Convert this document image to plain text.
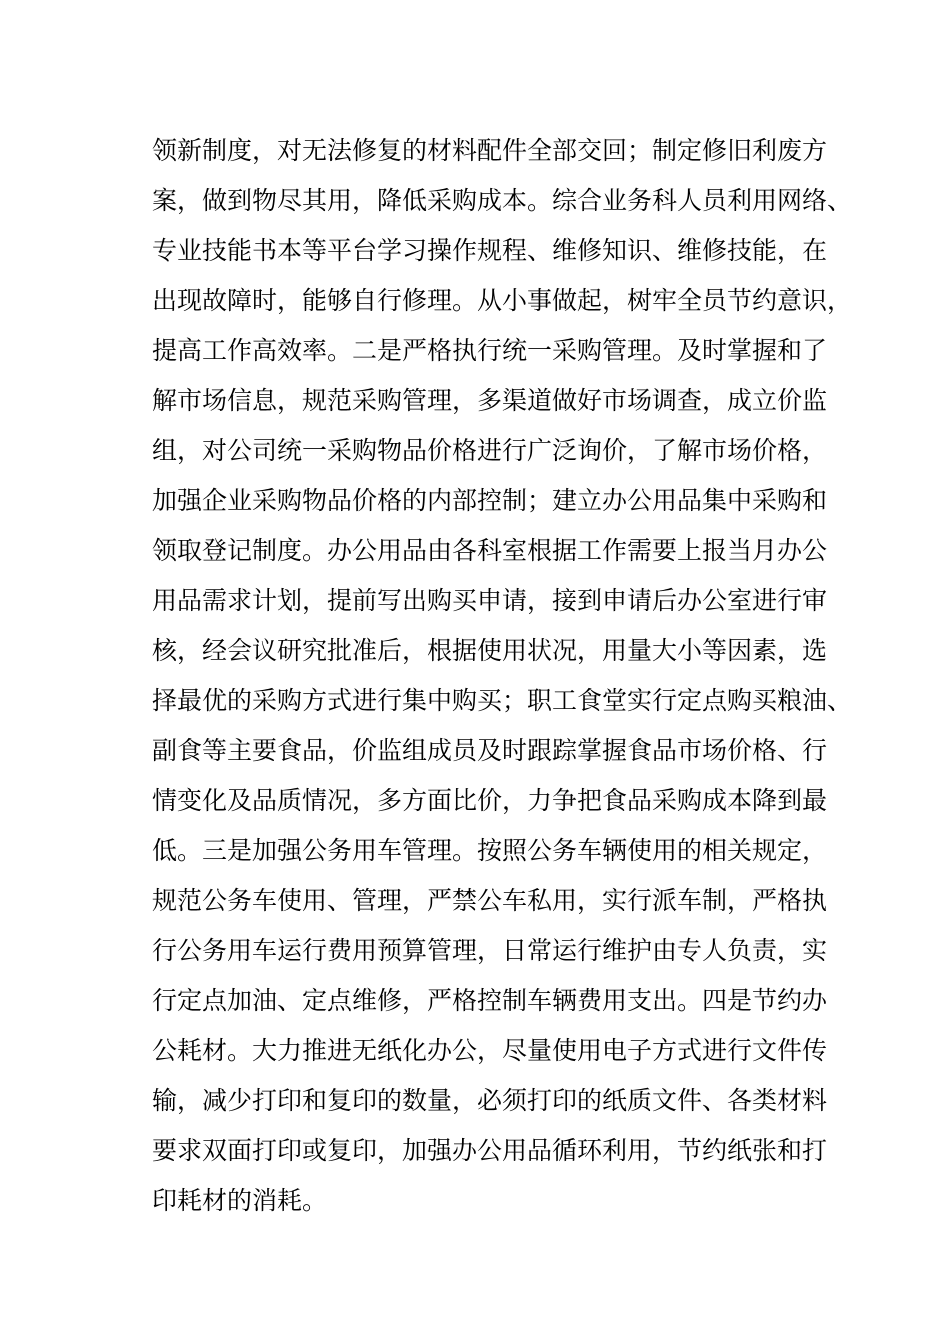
领新制度，对无法修复的材料配件全部交回；制定修旧利废方
案，做到物尽其用，降低采购成本。综合业务科人员利用网络、
专业技能书本等平台学习操作规程、维修知识、维修技能，在
出现故障时，能够自行修理。从小事做起，树牢全员节约意识，
提高工作高效率。二是严格执行统一采购管理。及时掌握和了
解市场信息，规范采购管理，多渠道做好市场调查，成立价监
组，对公司统一采购物品价格进行广泛询价，了解市场价格，
加强企业采购物品价格的内部控制；建立办公用品集中采购和
领取登记制度。办公用品由各科室根据工作需要上报当月办公
用品需求计划，提前写出购买申请，接到申请后办公室进行审
核，经会议研究批准后，根据使用状况，用量大小等因素，选
择最优的采购方式进行集中购买；职工食堂实行定点购买粮油、
副食等主要食品，价监组成员及时跟踪掌握食品市场价格、行
情变化及品质情况，多方面比价，力争把食品采购成本降到最
低。三是加强公务用车管理。按照公务车辆使用的相关规定，
规范公务车使用、管理，严禁公车私用，实行派车制，严格执
行公务用车运行费用预算管理，日常运行维护由专人负责，实
行定点加油、定点维修，严格控制车辆费用支出。四是节约办
公耗材。大力推进无纸化办公，尽量使用电子方式进行文件传
输，减少打印和复印的数量，必须打印的纸质文件、各类材料
要求双面打印或复印，加强办公用品循环利用，节约纸张和打
印耗材的消耗。
